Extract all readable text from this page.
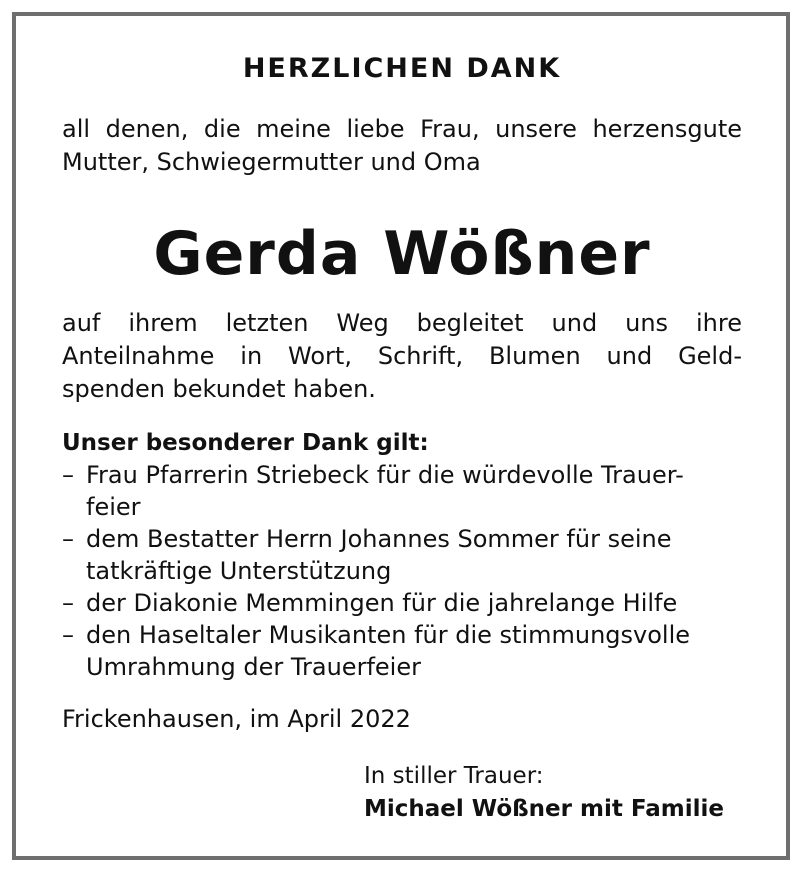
HERZLICHEN DANK
all denen, die meine liebe Frau, unsere herzensgute
Mutter, Schwiegermutter und Oma
Gerda Wößner
auf ihrem letzten Weg begleitet und uns ihre
Anteilnahme in Wort, Schrift, Blumen und Geld-
spenden bekundet haben.
Unser besonderer Dank gilt:
– Frau Pfarrerin Striebeck für die würdevolle Trauer-
feier
– dem Bestatter Herrn Johannes Sommer für seine
tatkräftige Unterstützung
– der Diakonie Memmingen für die jahrelange Hilfe
– den Haseltaler Musikanten für die stimmungsvolle
Umrahmung der Trauerfeier
Frickenhausen, im April 2022
In stiller Trauer:
Michael Wößner mit Familie
